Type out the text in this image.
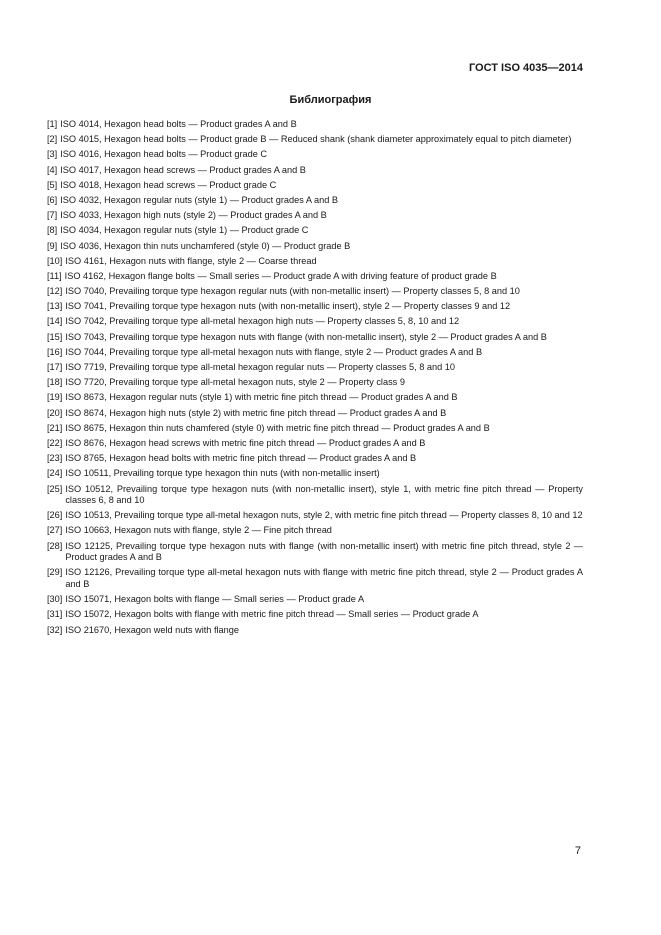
ГОСТ ISO 4035—2014
Библиография
[1] ISO 4014, Hexagon head bolts — Product grades A and B
[2] ISO 4015, Hexagon head bolts — Product grade B — Reduced shank (shank diameter approximately equal to pitch diameter)
[3] ISO 4016, Hexagon head bolts — Product grade C
[4] ISO 4017, Hexagon head screws — Product grades A and B
[5] ISO 4018, Hexagon head screws — Product grade C
[6] ISO 4032, Hexagon regular nuts (style 1) — Product grades A and B
[7] ISO 4033, Hexagon high nuts (style 2) — Product grades A and B
[8] ISO 4034, Hexagon regular nuts (style 1) — Product grade C
[9] ISO 4036, Hexagon thin nuts unchamfered (style 0) — Product grade B
[10] ISO 4161, Hexagon nuts with flange, style 2 — Coarse thread
[11] ISO 4162, Hexagon flange bolts — Small series — Product grade A with driving feature of product grade B
[12] ISO 7040, Prevailing torque type hexagon regular nuts (with non-metallic insert) — Property classes 5, 8 and 10
[13] ISO 7041, Prevailing torque type hexagon nuts (with non-metallic insert), style 2 — Property classes 9 and 12
[14] ISO 7042, Prevailing torque type all-metal hexagon high nuts — Property classes 5, 8, 10 and 12
[15] ISO 7043, Prevailing torque type hexagon nuts with flange (with non-metallic insert), style 2 — Product grades A and B
[16] ISO 7044, Prevailing torque type all-metal hexagon nuts with flange, style 2 — Product grades A and B
[17] ISO 7719, Prevailing torque type all-metal hexagon regular nuts — Property classes 5, 8 and 10
[18] ISO 7720, Prevailing torque type all-metal hexagon nuts, style 2 — Property class 9
[19] ISO 8673, Hexagon regular nuts (style 1) with metric fine pitch thread — Product grades A and B
[20] ISO 8674, Hexagon high nuts (style 2) with metric fine pitch thread — Product grades A and B
[21] ISO 8675, Hexagon thin nuts chamfered (style 0) with metric fine pitch thread — Product grades A and B
[22] ISO 8676, Hexagon head screws with metric fine pitch thread — Product grades A and B
[23] ISO 8765, Hexagon head bolts with metric fine pitch thread — Product grades A and B
[24] ISO 10511, Prevailing torque type hexagon thin nuts (with non-metallic insert)
[25] ISO 10512, Prevailing torque type hexagon nuts (with non-metallic insert), style 1, with metric fine pitch thread — Property classes 6, 8 and 10
[26] ISO 10513, Prevailing torque type all-metal hexagon nuts, style 2, with metric fine pitch thread — Property classes 8, 10 and 12
[27] ISO 10663, Hexagon nuts with flange, style 2 — Fine pitch thread
[28] ISO 12125, Prevailing torque type hexagon nuts with flange (with non-metallic insert) with metric fine pitch thread, style 2 — Product grades A and B
[29] ISO 12126, Prevailing torque type all-metal hexagon nuts with flange with metric fine pitch thread, style 2 — Product grades A and B
[30] ISO 15071, Hexagon bolts with flange — Small series — Product grade A
[31] ISO 15072, Hexagon bolts with flange with metric fine pitch thread — Small series — Product grade A
[32] ISO 21670, Hexagon weld nuts with flange
7
